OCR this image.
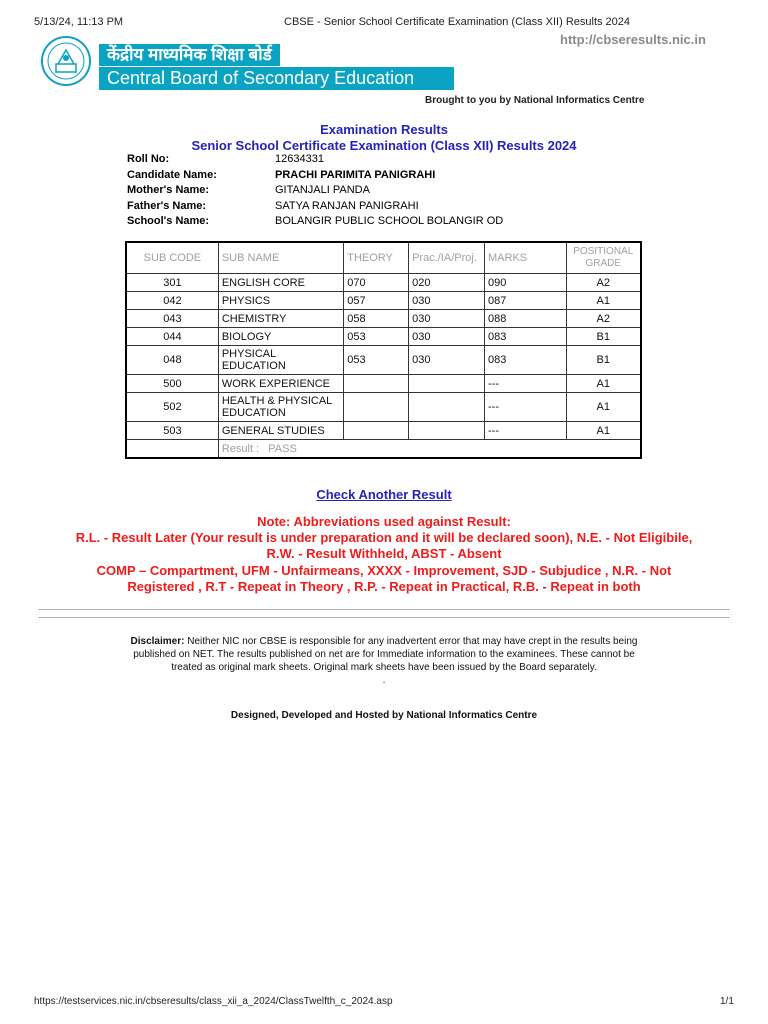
5/13/24, 11:13 PM	CBSE - Senior School Certificate Examination (Class XII) Results 2024
केंद्रीय माध्यमिक शिक्षा बोर्ड
Central Board of Secondary Education
http://cbseresults.nic.in
Brought to you by National Informatics Centre
Examination Results
Senior School Certificate Examination (Class XII) Results 2024
Roll No:	12634331
Candidate Name:	PRACHI PARIMITA PANIGRAHI
Mother's Name:	GITANJALI PANDA
Father's Name:	SATYA RANJAN PANIGRAHI
School's Name:	BOLANGIR PUBLIC SCHOOL BOLANGIR OD
SUB CODE	SUB NAME	THEORY	Prac./IA/Proj.	MARKS	POSITIONAL GRADE
301	ENGLISH CORE	070	020	090	A2
042	PHYSICS	057	030	087	A1
043	CHEMISTRY	058	030	088	A2
044	BIOLOGY	053	030	083	B1
048	PHYSICAL EDUCATION	053	030	083	B1
500	WORK EXPERIENCE			---	A1
502	HEALTH & PHYSICAL EDUCATION			---	A1
503	GENERAL STUDIES			---	A1
	Result :   PASS				
Check Another Result
Note: Abbreviations used against Result:
R.L. - Result Later (Your result is under preparation and it will be declared soon), N.E. - Not Eligibile,
R.W. - Result Withheld, ABST - Absent
COMP – Compartment, UFM - Unfairmeans, XXXX - Improvement, SJD - Subjudice , N.R. - Not
Registered , R.T - Repeat in Theory , R.P. - Repeat in Practical, R.B. - Repeat in both
Disclaimer: Neither NIC nor CBSE is responsible for any inadvertent error that may have crept in the results being published on NET. The results published on net are for Immediate information to the examinees. These cannot be treated as original mark sheets. Original mark sheets have been issued by the Board separately.
.
Designed, Developed and Hosted by National Informatics Centre
https://testservices.nic.in/cbseresults/class_xii_a_2024/ClassTwelfth_c_2024.asp	1/1
